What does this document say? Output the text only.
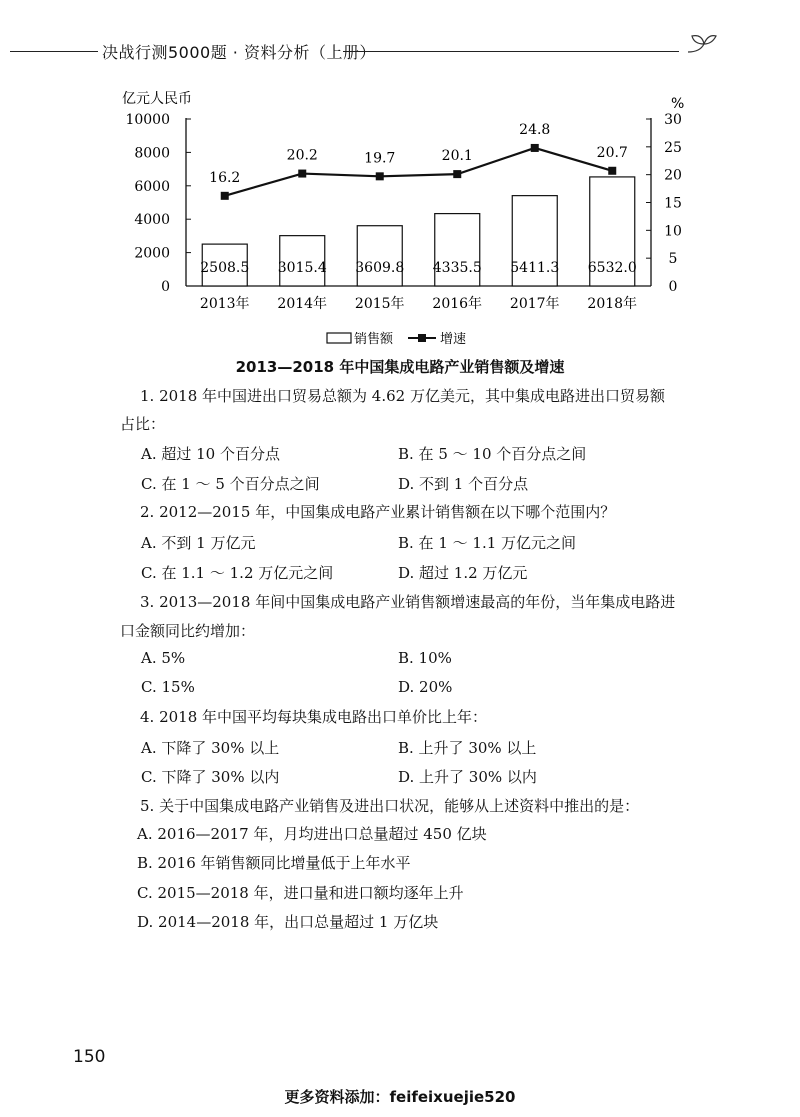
决战行测5000题 · 资料分析（上册）
亿元人民币	%
0
2000
4000
6000
8000
10000
0
5
10
15
20
25
30
2508.5 3015.4 3609.8 4335.5 5411.3 6532.0
16.2
20.2	19.7	20.1
24.8
20.7
2013年 2014年 2015年 2016年 2017年 2018年
销售额	增速
2013—2018 年中国集成电路产业销售额及增速
1. 2018 年中国进出口贸易总额为 4.62 万亿美元，其中集成电路进出口贸易额
占比：
A. 超过 10 个百分点	B. 在 5 ～ 10 个百分点之间
C. 在 1 ～ 5 个百分点之间	D. 不到 1 个百分点
2. 2012—2015 年，中国集成电路产业累计销售额在以下哪个范围内？
A. 不到 1 万亿元	B. 在 1 ～ 1.1 万亿元之间
C. 在 1.1 ～ 1.2 万亿元之间	D. 超过 1.2 万亿元
3. 2013—2018 年间中国集成电路产业销售额增速最高的年份，当年集成电路进
口金额同比约增加：
A. 5%	B. 10%
C. 15%	D. 20%
4. 2018 年中国平均每块集成电路出口单价比上年：
A. 下降了 30% 以上	B. 上升了 30% 以上
C. 下降了 30% 以内	D. 上升了 30% 以内
5. 关于中国集成电路产业销售及进出口状况，能够从上述资料中推出的是：
A. 2016—2017 年，月均进出口总量超过 450 亿块
B. 2016 年销售额同比增量低于上年水平
C. 2015—2018 年，进口量和进口额均逐年上升
D. 2014—2018 年，出口总量超过 1 万亿块
150
更多资料添加：feifeixuejie520
